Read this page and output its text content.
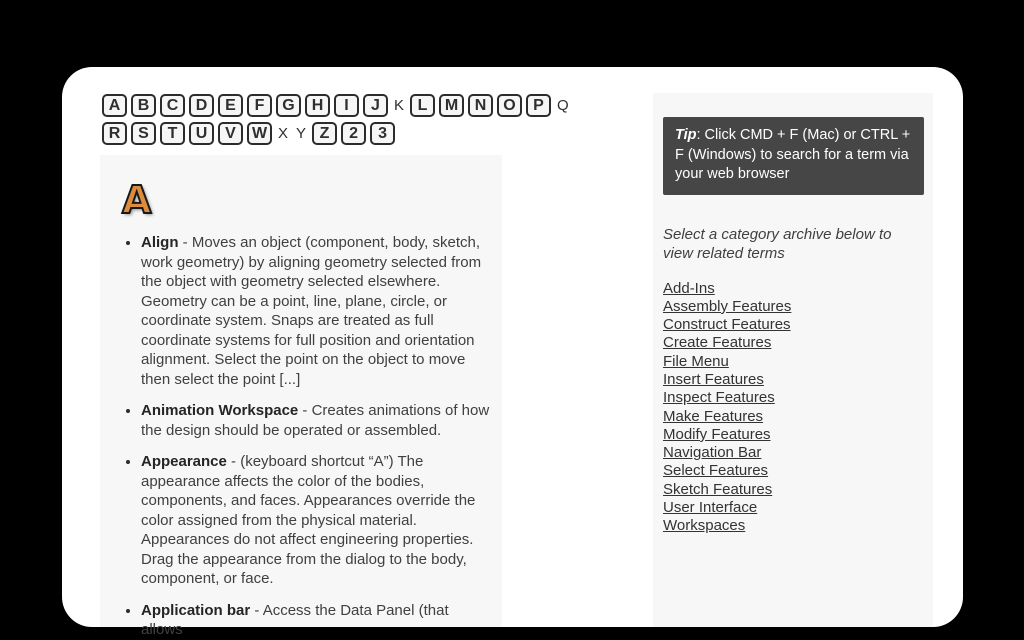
A	B	C	D	E	F	G	H	I	J K L	M	N	O	P Q
R	S	T	U	V	W X Y Z	2	3
A
• Align - Moves an object (component, body, sketch, work geometry) by aligning geometry selected from the object with geometry selected elsewhere. Geometry can be a point, line, plane, circle, or coordinate system. Snaps are treated as full coordinate systems for full position and orientation alignment. Select the point on the object to move then select the point [...]
• Animation Workspace - Creates animations of how the design should be operated or assembled.
• Appearance - (keyboard shortcut “A”) The appearance affects the color of the bodies, components, and faces. Appearances override the color assigned from the physical material. Appearances do not affect engineering properties. Drag the appearance from the dialog to the body, component, or face.
• Application bar - Access the Data Panel (that allows
Tip: Click CMD + F (Mac) or CTRL + F (Windows) to search for a term via your web browser

Select a category archive below to view related terms

Add-Ins
Assembly Features
Construct Features
Create Features
File Menu
Insert Features
Inspect Features
Make Features
Modify Features
Navigation Bar
Select Features
Sketch Features
User Interface
Workspaces
